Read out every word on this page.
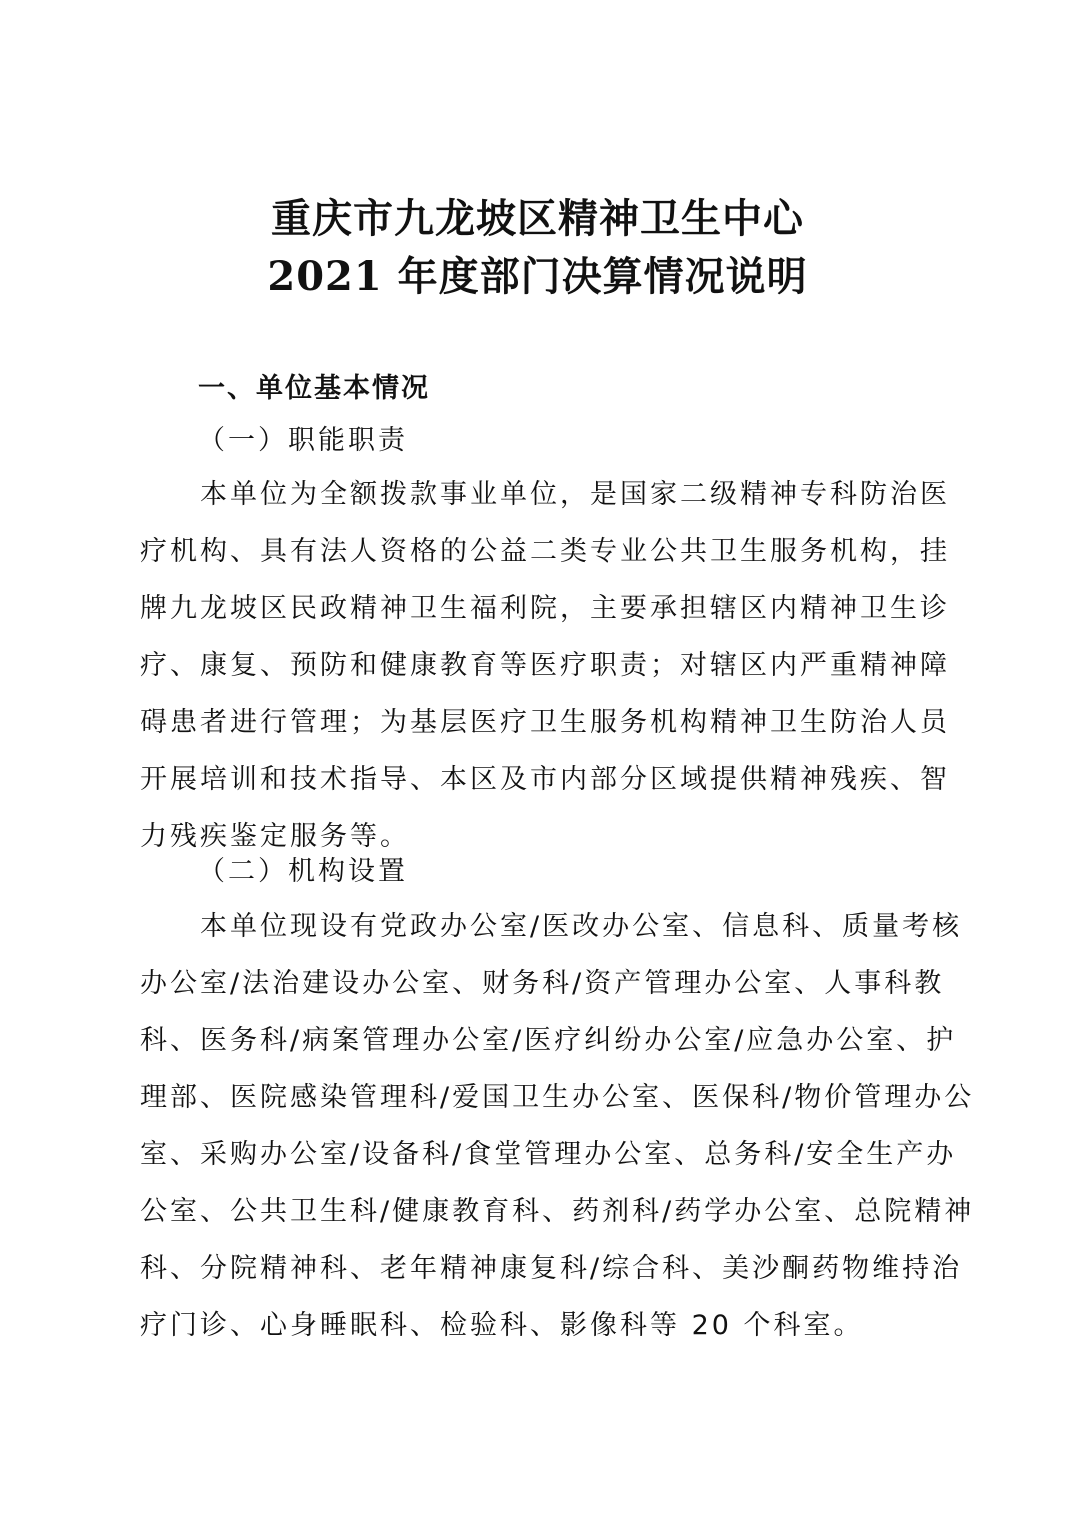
重庆市九龙坡区精神卫生中心
2021 年度部门决算情况说明
一、单位基本情况
（一）职能职责
　　本单位为全额拨款事业单位，是国家二级精神专科防治医
疗机构、具有法人资格的公益二类专业公共卫生服务机构，挂
牌九龙坡区民政精神卫生福利院，主要承担辖区内精神卫生诊
疗、康复、预防和健康教育等医疗职责；对辖区内严重精神障
碍患者进行管理；为基层医疗卫生服务机构精神卫生防治人员
开展培训和技术指导、本区及市内部分区域提供精神残疾、智
力残疾鉴定服务等。
（二）机构设置
　　本单位现设有党政办公室/医改办公室、信息科、质量考核
办公室/法治建设办公室、财务科/资产管理办公室、人事科教
科、医务科/病案管理办公室/医疗纠纷办公室/应急办公室、护
理部、医院感染管理科/爱国卫生办公室、医保科/物价管理办公
室、采购办公室/设备科/食堂管理办公室、总务科/安全生产办
公室、公共卫生科/健康教育科、药剂科/药学办公室、总院精神
科、分院精神科、老年精神康复科/综合科、美沙酮药物维持治
疗门诊、心身睡眠科、检验科、影像科等 20 个科室。
